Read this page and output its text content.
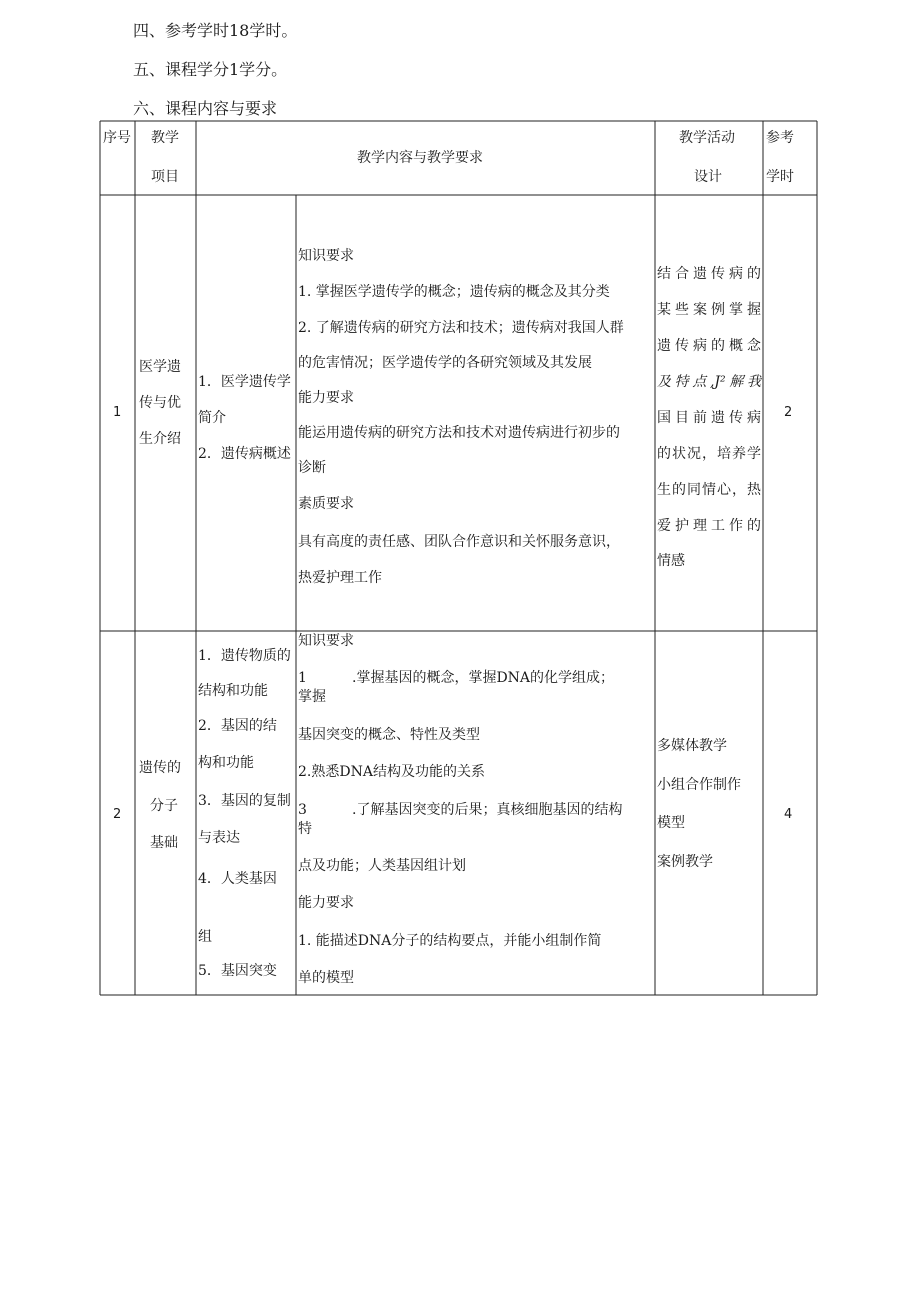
四、参考学时18学时。
五、课程学分1学分。
六、课程内容与要求
序号 教学
项目
教学内容与教学要求
教学活动
设计
参考
学时
1
医学遗
传与优
生介绍
1．医学遗传学
简介
2．遗传病概述
知识要求
1. 掌握医学遗传学的概念；遗传病的概念及其分类
2. 了解遗传病的研究方法和技术；遗传病对我国人群
的危害情况；医学遗传学的各研究领域及其发展
能力要求
能运用遗传病的研究方法和技术对遗传病进行初步的
诊断
素质要求
具有高度的责任感、团队合作意识和关怀服务意识，
热爱护理工作
结合遗传病的
某些案例掌握
遗传病的概念
及特点,J²解我
国目前遗传病
的状况，培养学
生的同情心，热
爱护理工作的
情感
2
2
遗传的
分子
基础
1．遗传物质的
结构和功能
2．基因的结
构和功能
3．基因的复制
与表达
4．人类基因
组
5．基因突变
知识要求
1	.掌握基因的概念，掌握DNA的化学组成；
掌握
基因突变的概念、特性及类型
2.熟悉DNA结构及功能的关系
3	.了解基因突变的后果；真核细胞基因的结构
特
点及功能；人类基因组计划
能力要求
1. 能描述DNA分子的结构要点，并能小组制作简
单的模型
多媒体教学
小组合作制作
模型
案例教学
4
